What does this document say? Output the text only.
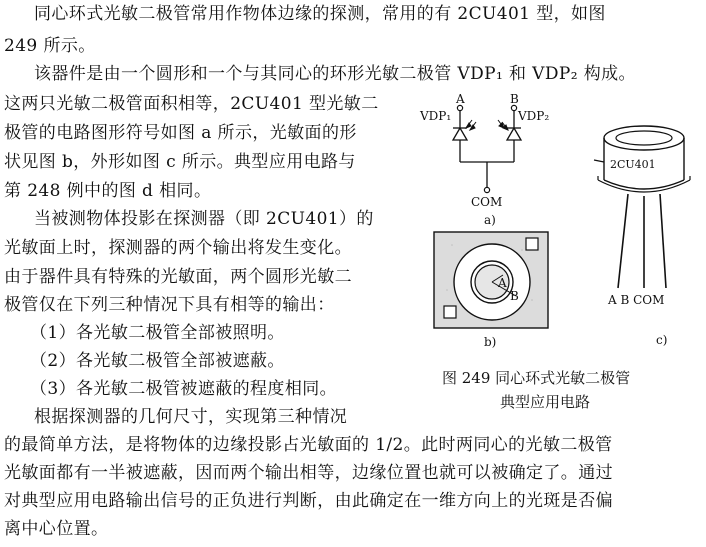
同心环式光敏二极管常用作物体边缘的探测，常用的有 2CU401 型，如图
249 所示。
该器件是由一个圆形和一个与其同心的环形光敏二极管 VDP₁ 和 VDP₂ 构成。
这两只光敏二极管面积相等，2CU401 型光敏二
极管的电路图形符号如图 a 所示，光敏面的形
状见图 b，外形如图 c 所示。典型应用电路与
第 248 例中的图 d 相同。
当被测物体投影在探测器（即 2CU401）的
光敏面上时，探测器的两个输出将发生变化。
由于器件具有特殊的光敏面，两个圆形光敏二
极管仅在下列三种情况下具有相等的输出：
（1）各光敏二极管全部被照明。
（2）各光敏二极管全部被遮蔽。
（3）各光敏二极管被遮蔽的程度相同。
根据探测器的几何尺寸，实现第三种情况
的最简单方法，是将物体的边缘投影占光敏面的 1/2。此时两同心的光敏二极管
光敏面都有一半被遮蔽，因而两个输出相等，边缘位置也就可以被确定了。通过
对典型应用电路输出信号的正负进行判断，由此确定在一维方向上的光斑是否偏
离中心位置。
A	B
VDP₁	VDP₂
COM
a)
A
B
b)
2CU401
A B COM
c)
图 249 同心环式光敏二极管
典型应用电路
